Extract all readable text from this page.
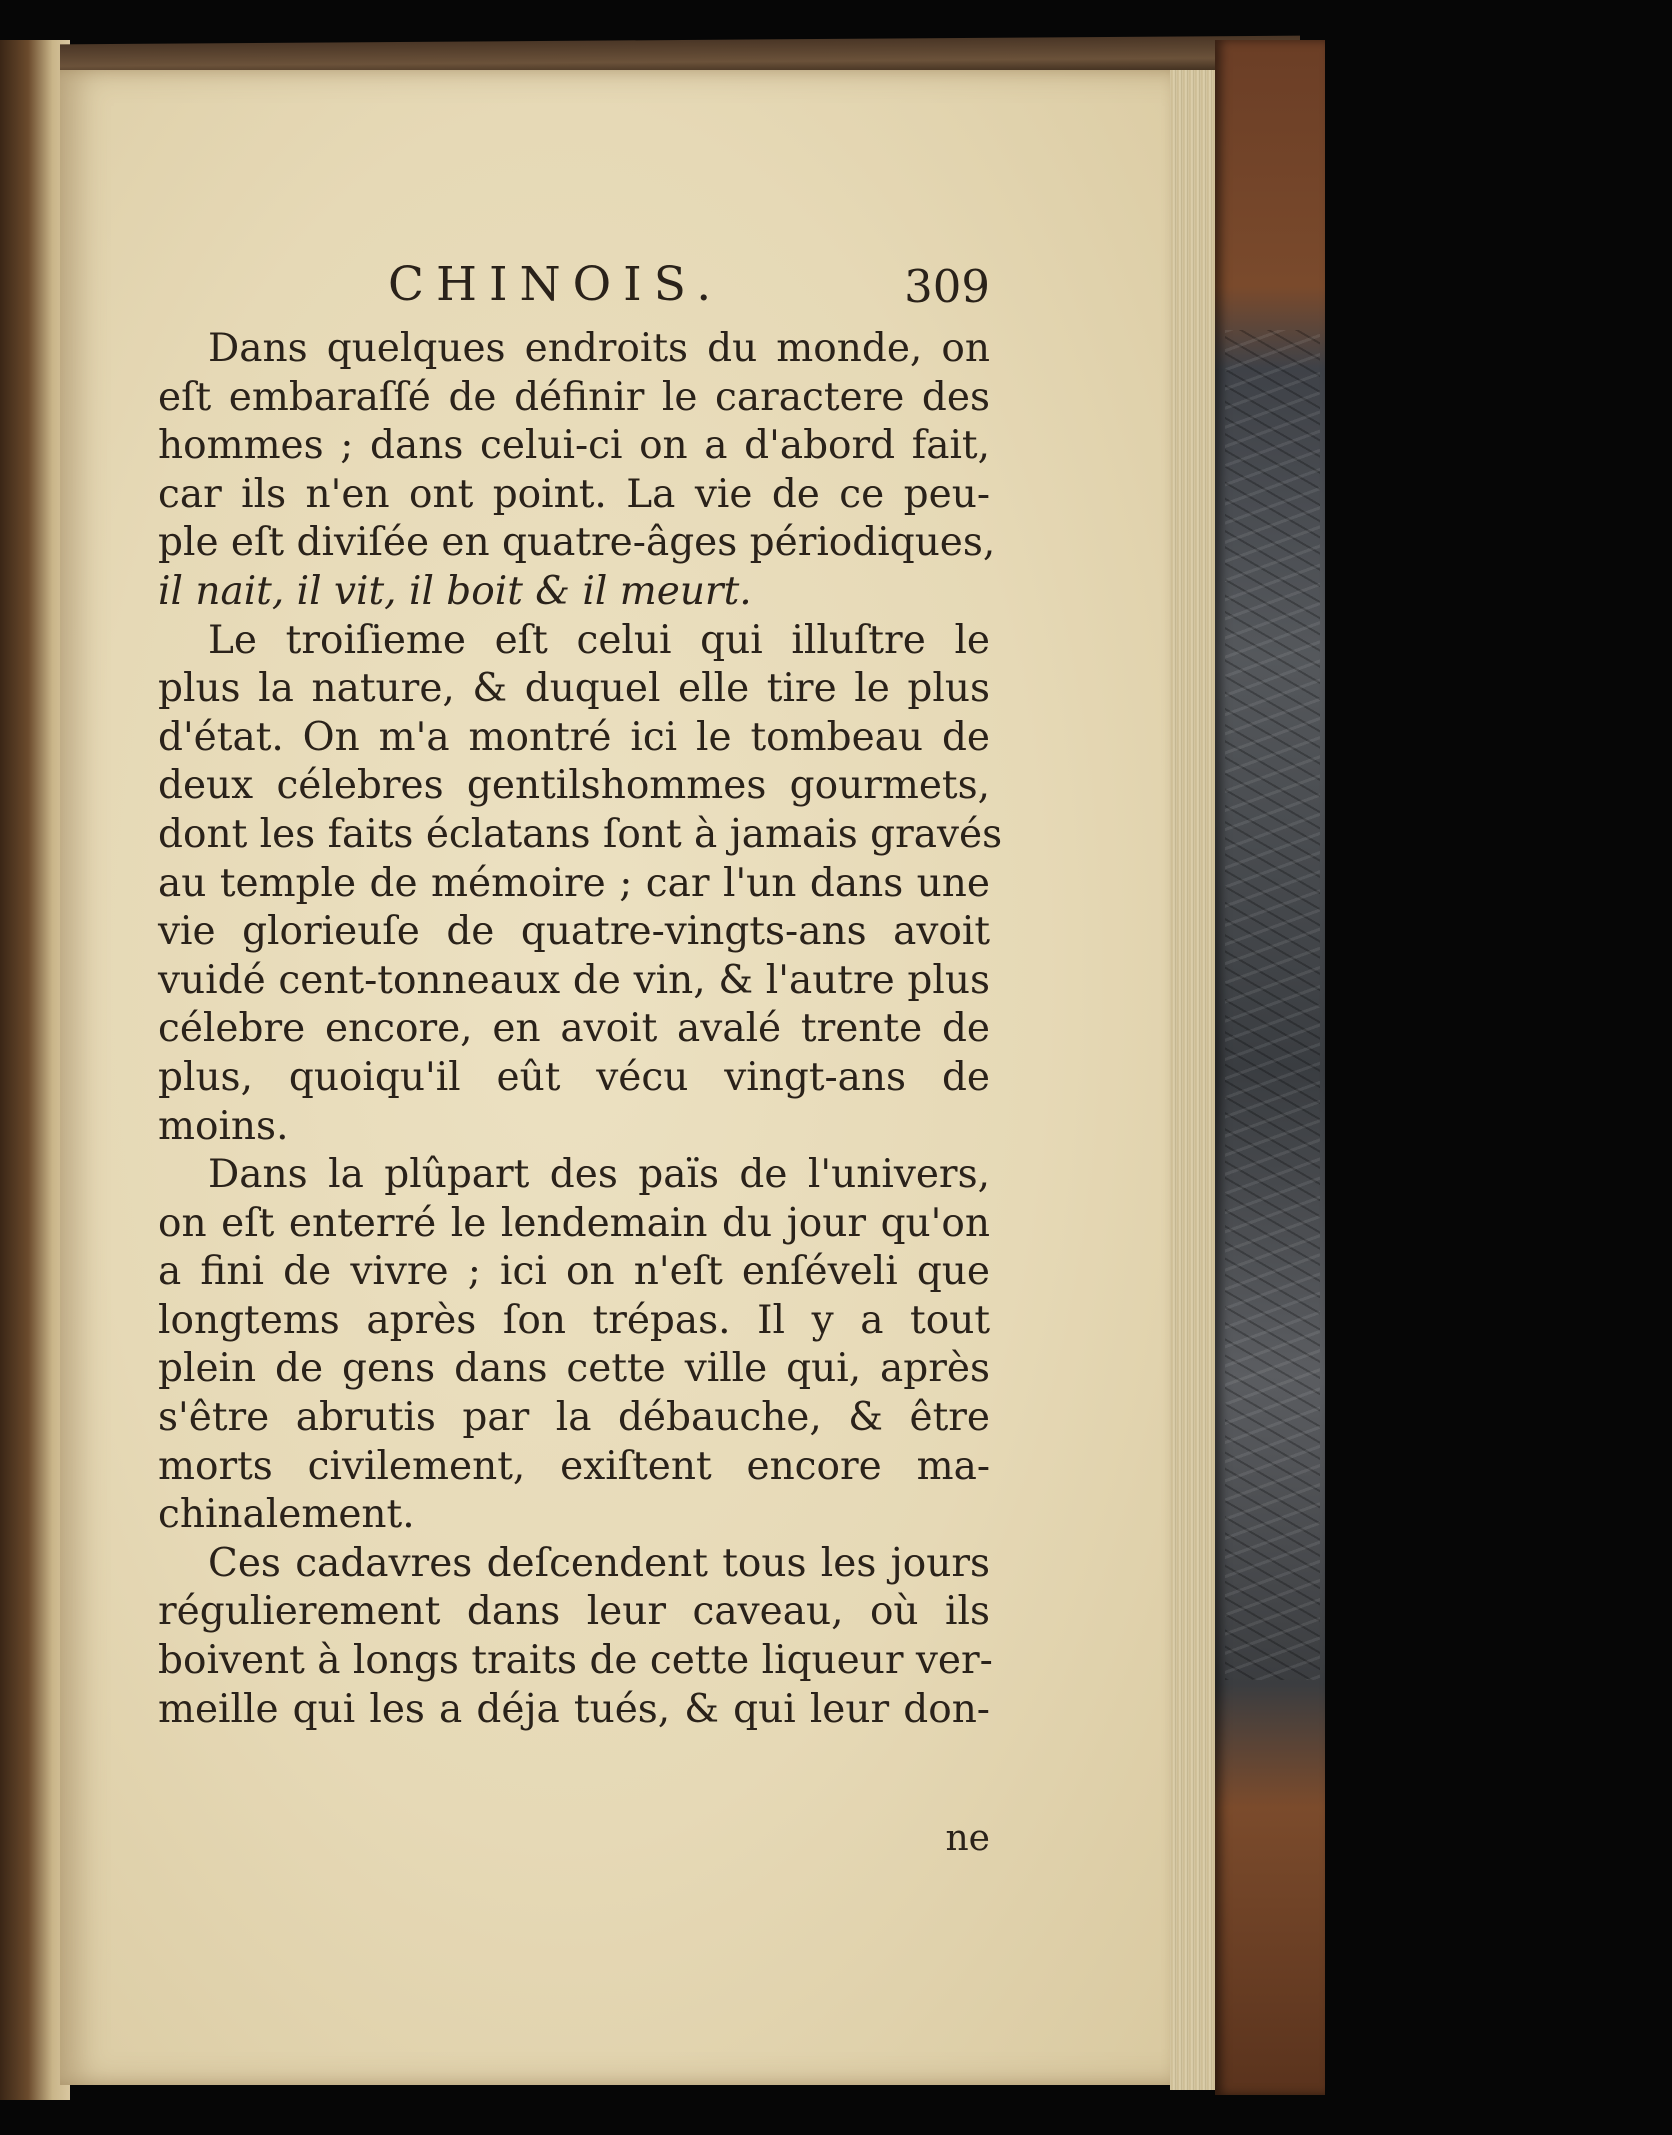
CHINOIS.	309
Dans quelques endroits du monde, on
eſt embaraſſé de définir le caractere des
hommes ; dans celui-ci on a d'abord fait,
car ils n'en ont point. La vie de ce peu-
ple eſt diviſée en quatre-âges périodiques,
il nait, il vit, il boit & il meurt.
Le troiſieme eſt celui qui illuſtre le
plus la nature, & duquel elle tire le plus
d'état. On m'a montré ici le tombeau de
deux célebres gentilshommes gourmets,
dont les faits éclatans ſont à jamais gravés
au temple de mémoire ; car l'un dans une
vie glorieuſe de quatre-vingts-ans avoit
vuidé cent-tonneaux de vin, & l'autre plus
célebre encore, en avoit avalé trente de
plus, quoiqu'il eût vécu vingt-ans de
moins.
Dans la plûpart des païs de l'univers,
on eſt enterré le lendemain du jour qu'on
a fini de vivre ; ici on n'eſt enſéveli que
longtems après ſon trépas. Il y a tout
plein de gens dans cette ville qui, après
s'être abrutis par la débauche, & être
morts civilement, exiſtent encore ma-
chinalement.
Ces cadavres deſcendent tous les jours
régulierement dans leur caveau, où ils
boivent à longs traits de cette liqueur ver-
meille qui les a déja tués, & qui leur don-
ne
